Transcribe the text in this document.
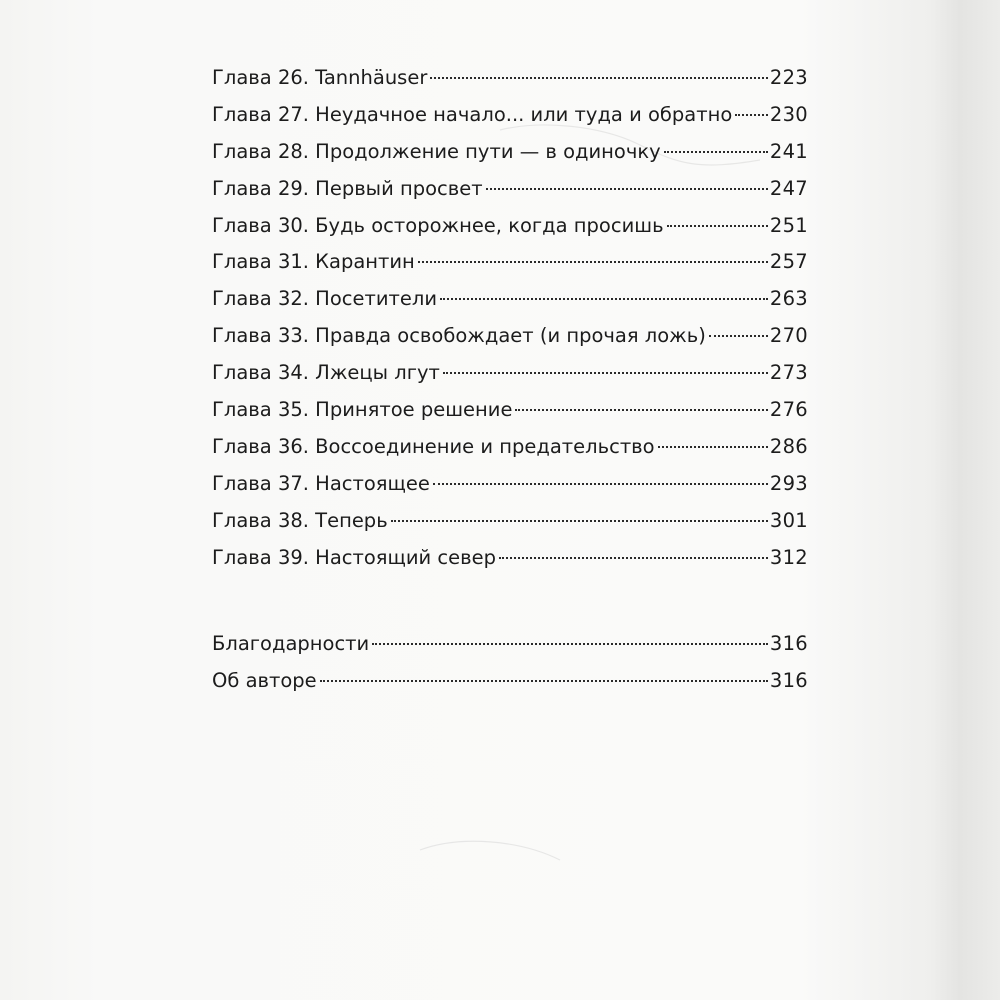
Глава 26. Tannhäuser	223
Глава 27. Неудачное начало... или туда и обратно 230
Глава 28. Продолжение пути — в одиночку	241
Глава 29. Первый просвет	247
Глава 30. Будь осторожнее, когда просишь	251
Глава 31. Карантин	257
Глава 32. Посетители	263
Глава 33. Правда освобождает (и прочая ложь)	270
Глава 34. Лжецы лгут	273
Глава 35. Принятое решение	276
Глава 36. Воссоединение и предательство	286
Глава 37. Настоящее	293
Глава 38. Теперь	301
Глава 39. Настоящий север	312
Благодарности	316
Об авторе	316
